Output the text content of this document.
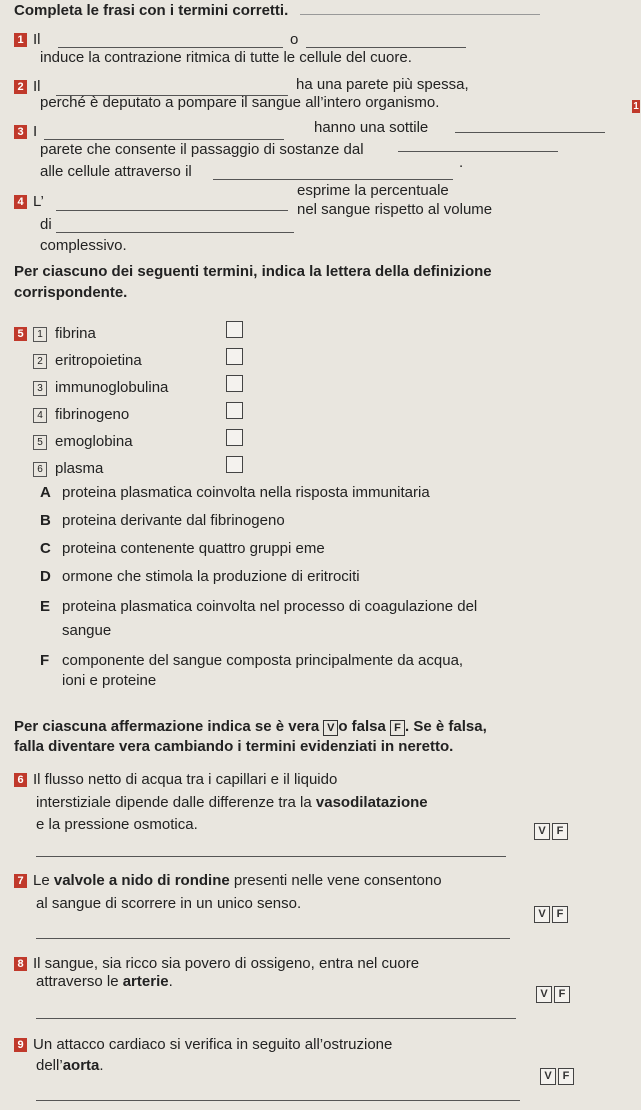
Completa le frasi con i termini corretti.
1
1 Il	o
induce la contrazione ritmica di tutte le cellule del cuore.
2 Il	ha una parete più spessa,
perché è deputato a pompare il sangue all’intero organismo.
3 I	hanno una sottile
parete che consente il passaggio di sostanze dal
alle cellule attraverso il
.
4 L’
esprime la percentuale
di
nel sangue rispetto al volume
complessivo.
Per ciascuno dei seguenti termini, indica la lettera della definizione
corrispondente.
5 1 fibrina
2 eritropoietina
3 immunoglobulina
4 fibrinogeno
5 emoglobina
6 plasma
A proteina plasmatica coinvolta nella risposta immunitaria
B proteina derivante dal fibrinogeno
C proteina contenente quattro gruppi eme
D ormone che stimola la produzione di eritrociti
E proteina plasmatica coinvolta nel processo di coagulazione del
sangue
F componente del sangue composta principalmente da acqua,
ioni e proteine
Per ciascuna affermazione indica se è vera V o falsa F . Se è falsa,
falla diventare vera cambiando i termini evidenziati in neretto.
6 Il flusso netto di acqua tra i capillari e il liquido
interstiziale dipende dalle differenze tra la vasodilatazione
e la pressione osmotica.	V F
7 Le valvole a nido di rondine presenti nelle vene consentono
al sangue di scorrere in un unico senso.
V F
8 Il sangue, sia ricco sia povero di ossigeno, entra nel cuore
attraverso le arterie.
V F
9 Un attacco cardiaco si verifica in seguito all’ostruzione
dell’aorta.
V F
